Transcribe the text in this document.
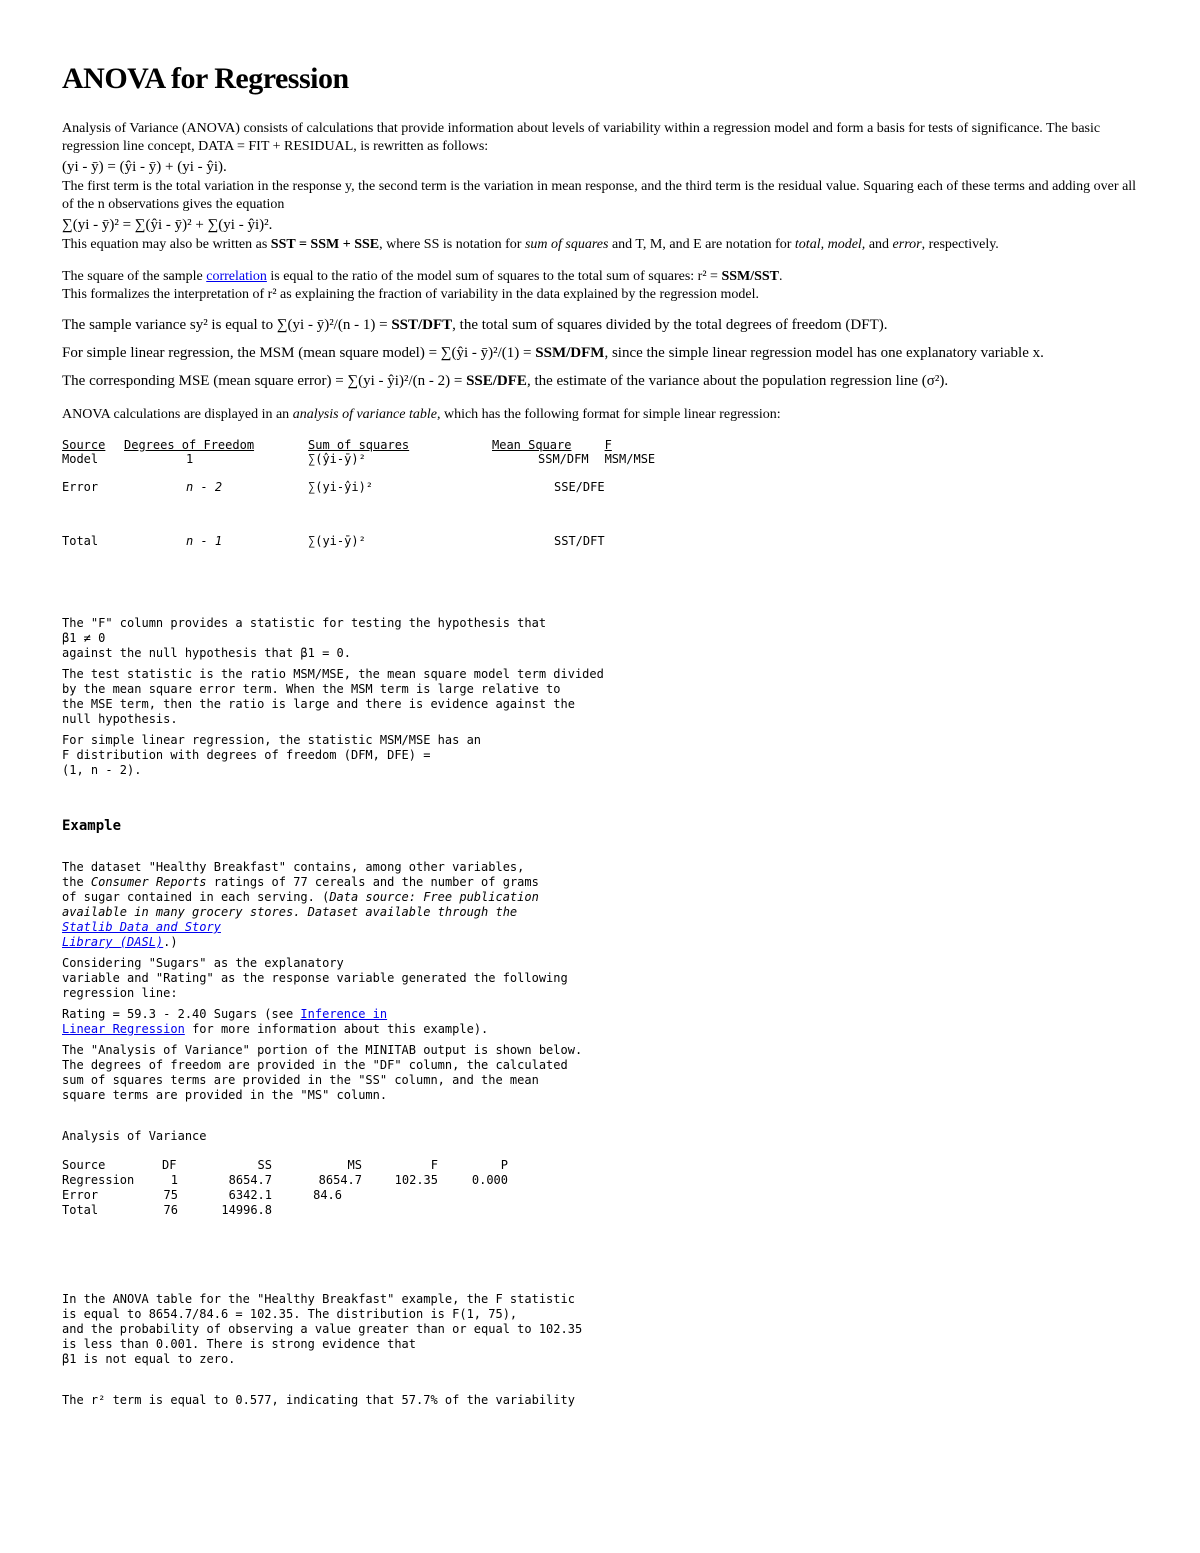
ANOVA for Regression

Analysis of Variance (ANOVA) consists of calculations that provide information about levels of variability within a regression model and form a basis for tests of significance. The basic regression line concept, DATA = FIT + RESIDUAL, is rewritten as follows:

(yi - ȳ) = (ŷi - ȳ) + (yi - ŷi).

The first term is the total variation in the response y, the second term is the variation in mean response, and the third term is the residual value. Squaring each of these terms and adding over all of the n observations gives the equation

∑(yi - ȳ)² = ∑(ŷi - ȳ)² + ∑(yi - ŷi)².

This equation may also be written as SST = SSM + SSE, where SS is notation for sum of squares and T, M, and E are notation for total, model, and error, respectively.

The square of the sample correlation is equal to the ratio of the model sum of squares to the total sum of squares: r² = SSM/SST.

This formalizes the interpretation of r² as explaining the fraction of variability in the data explained by the regression model.

The sample variance sy² is equal to ∑(yi - ȳ)²/(n - 1) = SST/DFT, the total sum of squares divided by the total degrees of freedom (DFT).

For simple linear regression, the MSM (mean square model) = ∑(ŷi - ȳ)²/(1) = SSM/DFM, since the simple linear regression model has one explanatory variable x.

The corresponding MSE (mean square error) = ∑(yi - ŷi)²/(n - 2) = SSE/DFE, the estimate of the variance about the population regression line (σ²).

ANOVA calculations are displayed in an analysis of variance table, which has the following format for simple linear regression:

Source	Degrees of Freedom	Sum of squares	Mean Square	F
Model	1	∑(ŷi-ȳ)²	SSM/DFM	MSM/MSE
Error	n - 2	∑(yi-ŷi)²	SSE/DFE	
Total	n - 1	∑(yi-ȳ)²	SST/DFT	

The "F" column provides a statistic for testing the hypothesis that

β1 ≠ 0

against the null hypothesis that β1 = 0.

The test statistic is the ratio MSM/MSE, the mean square model term divided

by the mean square error term. When the MSM term is large relative to

the MSE term, then the ratio is large and there is evidence against the

null hypothesis.

For simple linear regression, the statistic MSM/MSE has an

F distribution with degrees of freedom (DFM, DFE) =

(1, n - 2).

Example

The dataset "Healthy Breakfast" contains, among other variables,

the Consumer Reports ratings of 77 cereals and the number of grams

of sugar contained in each serving. (Data source: Free publication

available in many grocery stores. Dataset available through the

Statlib Data and Story

Library (DASL).)

Considering "Sugars" as the explanatory

variable and "Rating" as the response variable generated the following

regression line:

Rating = 59.3 - 2.40 Sugars (see Inference in

Linear Regression for more information about this example).

The "Analysis of Variance" portion of the MINITAB output is shown below.

The degrees of freedom are provided in the "DF" column, the calculated

sum of squares terms are provided in the "SS" column, and the mean

square terms are provided in the "MS" column.

Analysis of Variance

Source	DF	SS	MS	F	P
Regression	1	8654.7	8654.7	102.35	0.000
Error	75	6342.1	84.6		
Total	76	14996.8			

In the ANOVA table for the "Healthy Breakfast" example, the F statistic

is equal to 8654.7/84.6 = 102.35. The distribution is F(1, 75),

and the probability of observing a value greater than or equal to 102.35

is less than 0.001. There is strong evidence that

β1 is not equal to zero.

The r² term is equal to 0.577, indicating that 57.7% of the variability
